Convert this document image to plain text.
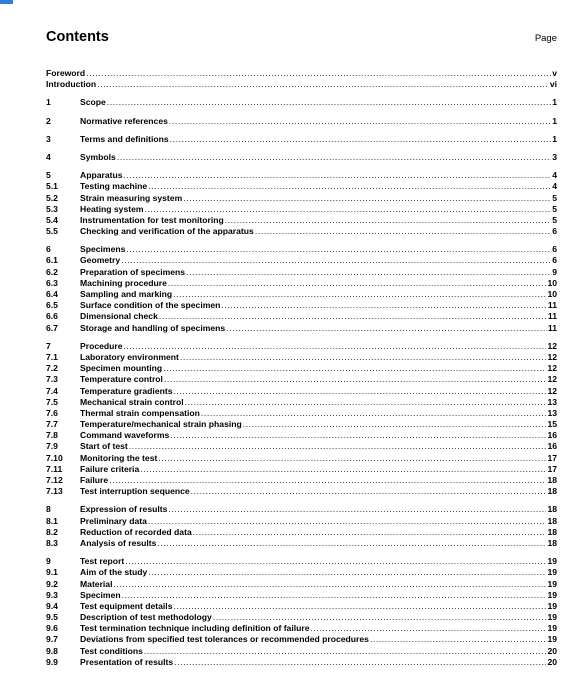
Contents	Page
Foreword .....	v
Introduction .....	vi
1	Scope .....	1
2	Normative references .....	1
3	Terms and definitions .....	1
4	Symbols .....	3
5	Apparatus .....	4
5.1	Testing machine .....	4
5.2	Strain measuring system .....	5
5.3	Heating system .....	5
5.4	Instrumentation for test monitoring .....	5
5.5	Checking and verification of the apparatus .....	6
6	Specimens .....	6
6.1	Geometry .....	6
6.2	Preparation of specimens .....	9
6.3	Machining procedure .....	10
6.4	Sampling and marking .....	10
6.5	Surface condition of the specimen .....	11
6.6	Dimensional check .....	11
6.7	Storage and handling of specimens .....	11
7	Procedure .....	12
7.1	Laboratory environment .....	12
7.2	Specimen mounting .....	12
7.3	Temperature control .....	12
7.4	Temperature gradients .....	12
7.5	Mechanical strain control .....	13
7.6	Thermal strain compensation .....	13
7.7	Temperature/mechanical strain phasing .....	15
7.8	Command waveforms .....	16
7.9	Start of test .....	16
7.10	Monitoring the test .....	17
7.11	Failure criteria .....	17
7.12	Failure .....	18
7.13	Test interruption sequence .....	18
8	Expression of results .....	18
8.1	Preliminary data .....	18
8.2	Reduction of recorded data .....	18
8.3	Analysis of results .....	18
9	Test report .....	19
9.1	Aim of the study .....	19
9.2	Material .....	19
9.3	Specimen .....	19
9.4	Test equipment details .....	19
9.5	Description of test methodology .....	19
9.6	Test termination technique including definition of failure .....	19
9.7	Deviations from specified test tolerances or recommended procedures .....	19
9.8	Test conditions .....	20
9.9	Presentation of results .....	20
